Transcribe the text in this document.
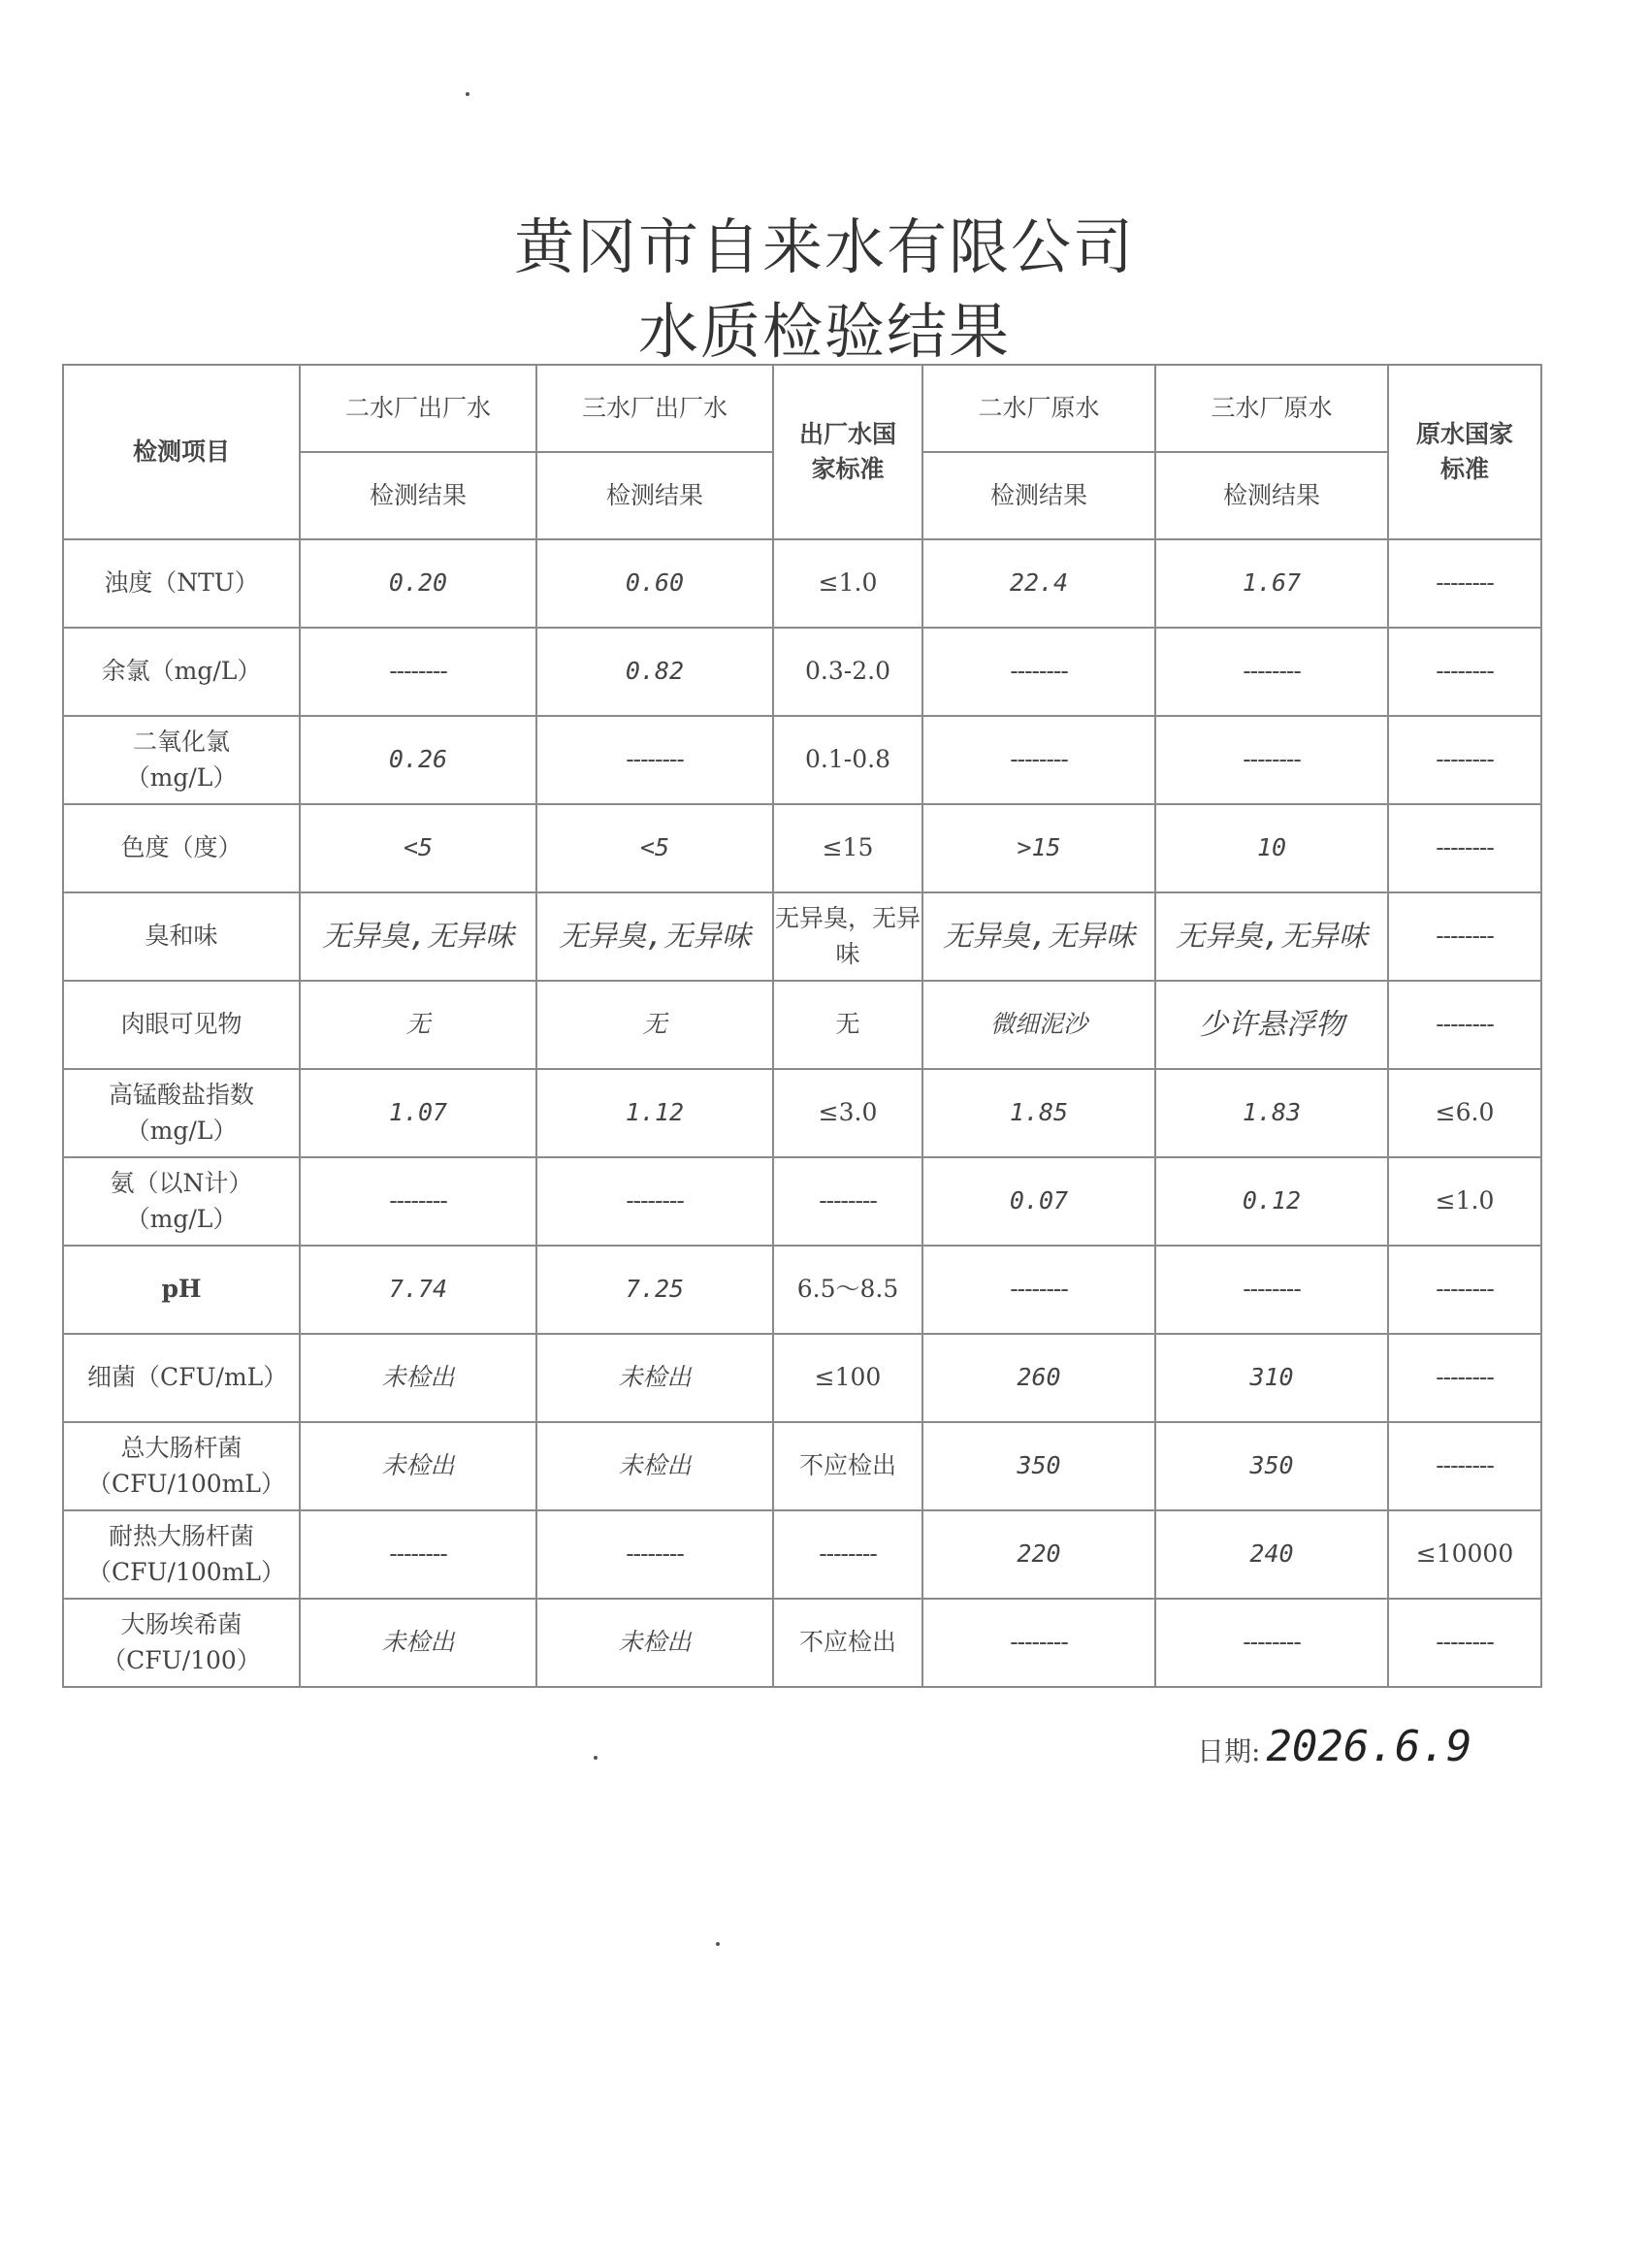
黄冈市自来水有限公司
水质检验结果
检测项目	二水厂出厂水	三水厂出厂水	出厂水国家标准	二水厂原水	三水厂原水	原水国家标准
	检测结果	检测结果		检测结果	检测结果	
浊度（NTU）	0.20	0.60	≤1.0	22.4	1.67	--------
余氯（mg/L）	--------	0.82	0.3-2.0	--------	--------	--------
二氧化氯（mg/L）	0.26	--------	0.1-0.8	--------	--------	--------
色度（度）	<5	<5	≤15	>15	10	--------
臭和味	无异臭,无异味	无异臭,无异味	无异臭，无异味	无异臭,无异味	无异臭,无异味	--------
肉眼可见物	无	无	无	微细泥沙	少许悬浮物	--------
高锰酸盐指数（mg/L）	1.07	1.12	≤3.0	1.85	1.83	≤6.0
氨（以N计）（mg/L）	--------	--------	--------	0.07	0.12	≤1.0
pH	7.74	7.25	6.5～8.5	--------	--------	--------
细菌（CFU/mL）	未检出	未检出	≤100	260	310	--------
总大肠杆菌（CFU/100mL）	未检出	未检出	不应检出	350	350	--------
耐热大肠杆菌（CFU/100mL）	--------	--------	--------	220	240	≤10000
大肠埃希菌（CFU/100）	未检出	未检出	不应检出	--------	--------	--------
日期: 2026.6.9
